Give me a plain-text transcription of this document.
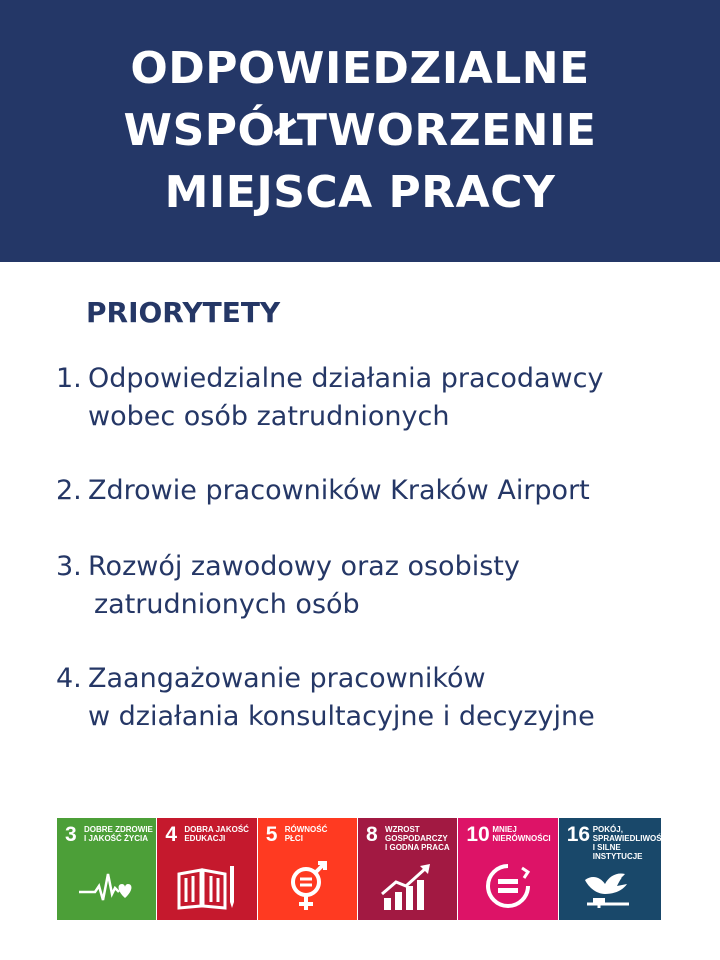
ODPOWIEDZIALNE
WSPÓŁTWORZENIE
MIEJSCA PRACY
PRIORYTETY
1. Odpowiedzialne działania pracodawcy
wobec osób zatrudnionych
2. Zdrowie pracowników Kraków Airport
3. Rozwój zawodowy oraz osobisty
zatrudnionych osób
4. Zaangażowanie pracowników
w działania konsultacyjne i decyzyjne
3 DOBRE ZDROWIE
I JAKOŚĆ ŻYCIA 4 DOBRA JAKOŚĆ
EDUKACJI	5 RÓWNOŚĆ
PŁCI	8 WZROST
GOSPODARCZY
I GODNA PRACA
10 MNIEJ
NIERÓWNOŚCI 16 POKÓJ,
SPRAWIEDLIWOŚĆ
I SILNE INSTYTUCJE
